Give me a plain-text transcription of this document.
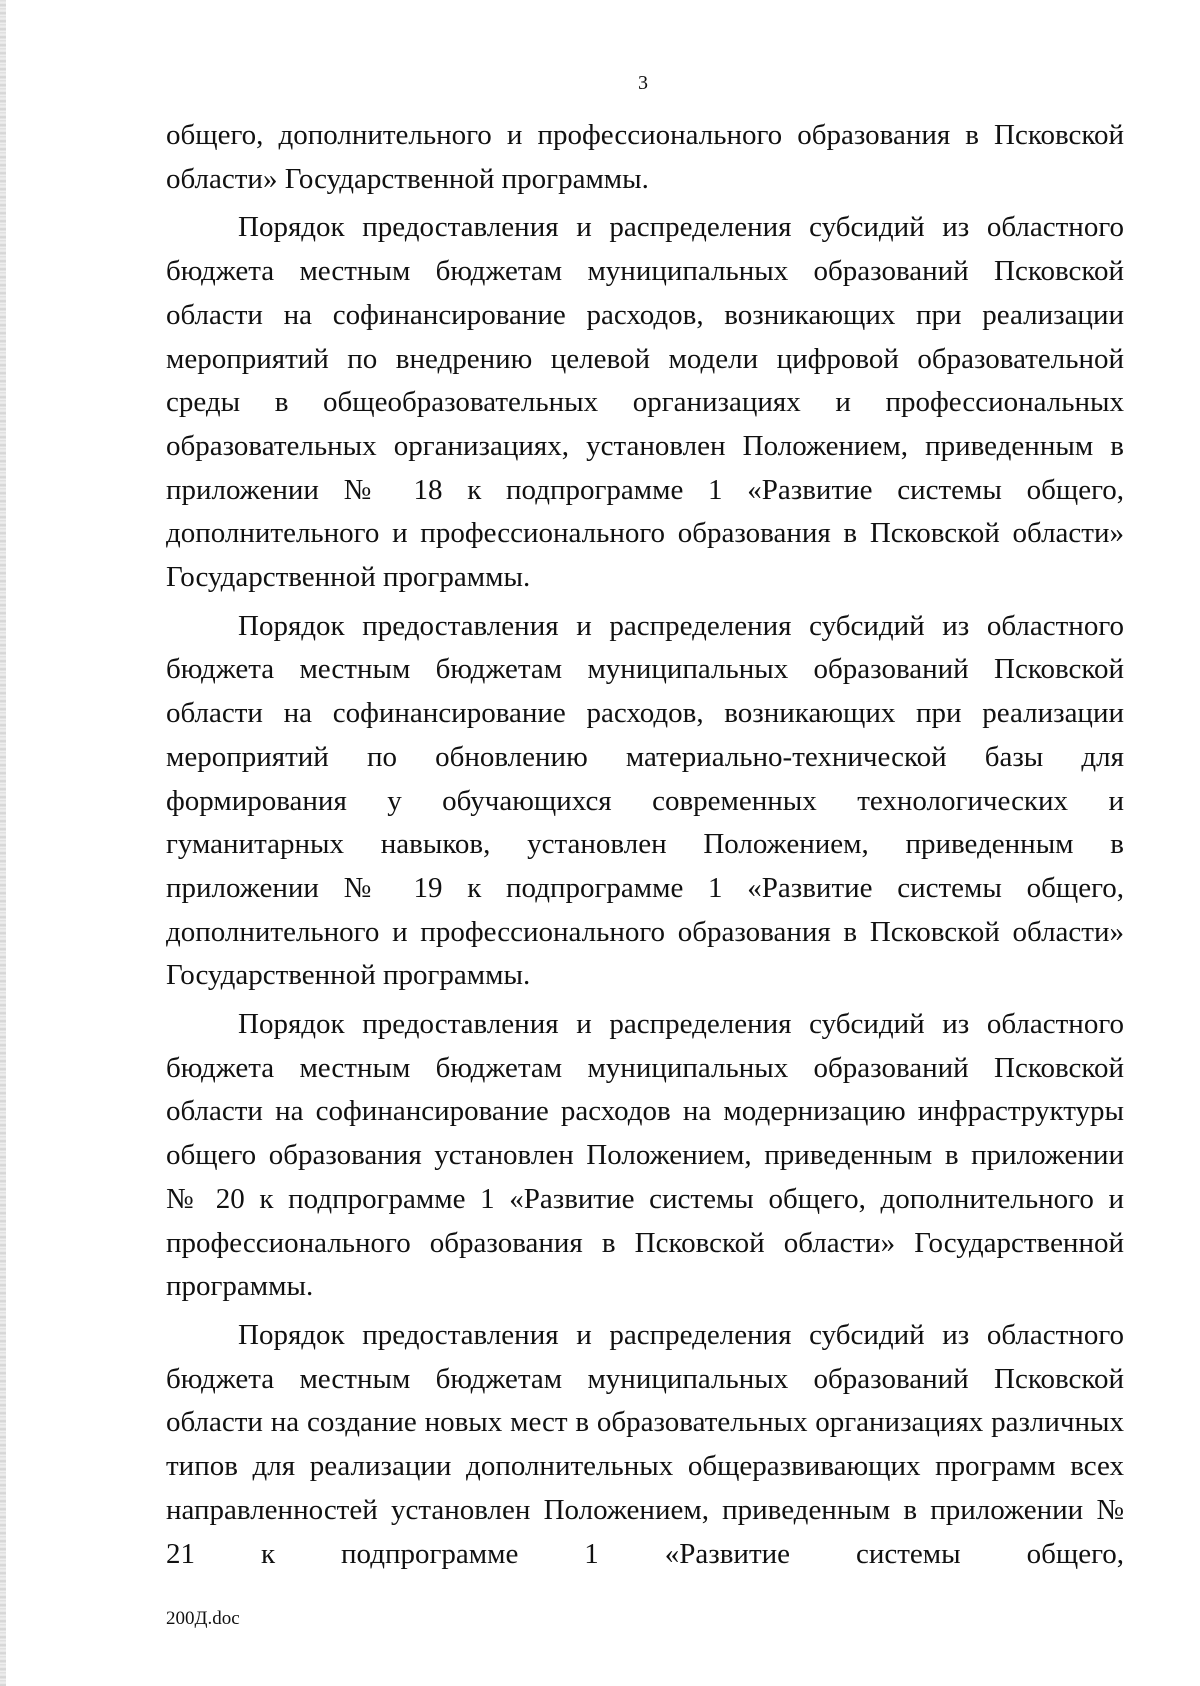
3

общего, дополнительного и профессионального образования в Псковской области» Государственной программы.

Порядок предоставления и распределения субсидий из областного бюджета местным бюджетам муниципальных образований Псковской области на софинансирование расходов, возникающих при реализации мероприятий по внедрению целевой модели цифровой образовательной среды в общеобразовательных организациях и профессиональных образовательных организациях, установлен Положением, приведенным в приложении № 18 к подпрограмме 1 «Развитие системы общего, дополнительного и профессионального образования в Псковской области» Государственной программы.

Порядок предоставления и распределения субсидий из областного бюджета местным бюджетам муниципальных образований Псковской области на софинансирование расходов, возникающих при реализации мероприятий по обновлению материально-технической базы для формирования у обучающихся современных технологических и гуманитарных навыков, установлен Положением, приведенным в приложении № 19 к подпрограмме 1 «Развитие системы общего, дополнительного и профессионального образования в Псковской области» Государственной программы.

Порядок предоставления и распределения субсидий из областного бюджета местным бюджетам муниципальных образований Псковской области на софинансирование расходов на модернизацию инфраструктуры общего образования установлен Положением, приведенным в приложении № 20 к подпрограмме 1 «Развитие системы общего, дополнительного и профессионального образования в Псковской области» Государственной программы.

Порядок предоставления и распределения субсидий из областного бюджета местным бюджетам муниципальных образований Псковской области на создание новых мест в образовательных организациях различных типов для реализации дополнительных общеразвивающих программ всех направленностей установлен Положением, приведенным в приложении № 21 к подпрограмме 1 «Развитие системы общего,

200Д.doc
